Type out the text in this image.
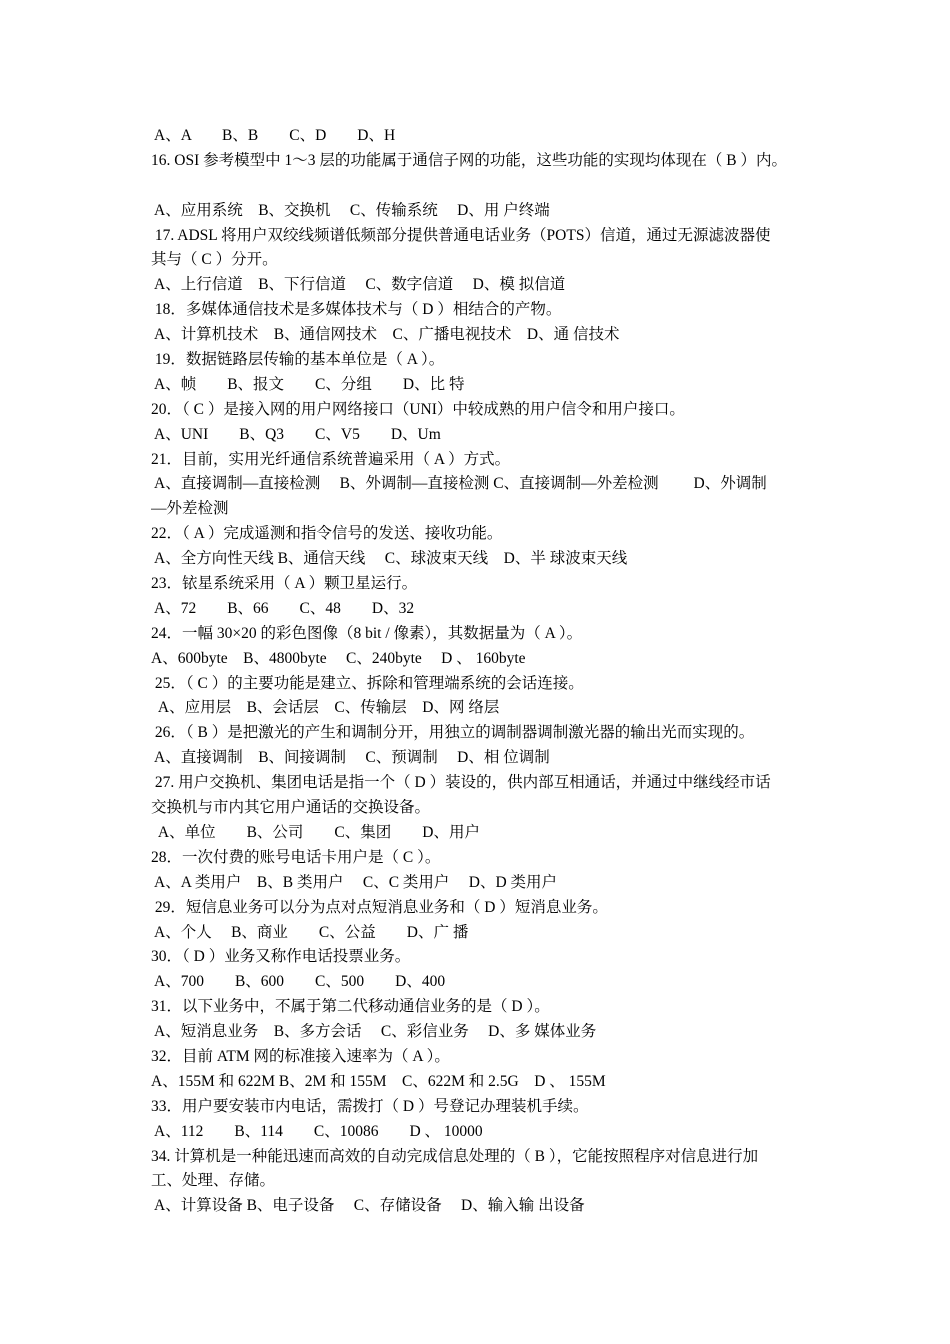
A、A　　B、B　　C、D　　D、H
16. OSI 参考模型中 1～3 层的功能属于通信子网的功能，这些功能的实现均体现在（ B ）内。
A、应用系统　B、交换机　 C、传输系统　 D、用 户终端
17. ADSL 将用户双绞线频谱低频部分提供普通电话业务（POTS）信道，通过无源滤波器使
其与（ C ）分开。
A、上行信道　B、下行信道　 C、数字信道　 D、模 拟信道
18．多媒体通信技术是多媒体技术与（ D ）相结合的产物。
A、计算机技术　B、通信网技术　C、广播电视技术　D、通 信技术
19．数据链路层传输的基本单位是（ A ）。
A、帧　　B、报文　　C、分组　　D、比 特
20．（ C ）是接入网的用户网络接口（UNI）中较成熟的用户信令和用户接口。
A、UNI　　B、Q3　　C、V5　　D、Um
21．目前，实用光纤通信系统普遍采用（ A ）方式。
A、直接调制—直接检测　 B、外调制—直接检测 C、直接调制—外差检测　　 D、外调制
—外差检测
22．（ A ）完成遥测和指令信号的发送、接收功能。
A、全方向性天线 B、通信天线　 C、球波束天线　D、半 球波束天线
23．铱星系统采用（ A ）颗卫星运行。
A、72　　B、66　　C、48　　D、32
24．一幅 30×20 的彩色图像（8 bit / 像素），其数据量为（ A ）。
A、600byte　B、4800byte　 C、240byte　 D 、 160byte
25．（ C ）的主要功能是建立、拆除和管理端系统的会话连接。
A、应用层　B、会话层　C、传输层　D、网 络层
26．（ B ）是把激光的产生和调制分开，用独立的调制器调制激光器的输出光而实现的。
A、直接调制　B、间接调制　 C、预调制　 D、相 位调制
27. 用户交换机、集团电话是指一个（ D ）装设的，供内部互相通话，并通过中继线经市话
交换机与市内其它用户通话的交换设备。
A、单位　　B、公司　　C、集团　　D、用户
28．一次付费的账号电话卡用户是（ C ）。
A、A 类用户　B、B 类用户　 C、C 类用户　 D、D 类用户
29．短信息业务可以分为点对点短消息业务和（ D ）短消息业务。
A、个人　 B、商业　　C、公益　　D、广 播
30．（ D ）业务又称作电话投票业务。
A、700　　B、600　　C、500　　D、400
31．以下业务中，不属于第二代移动通信业务的是（ D ）。
A、短消息业务　B、多方会话　 C、彩信业务　 D、多 媒体业务
32．目前 ATM 网的标准接入速率为（ A ）。
A、155M 和 622M B、2M 和 155M　C、622M 和 2.5G　D 、 155M
33．用户要安装市内电话，需拨打（ D ）号登记办理装机手续。
A、112　　B、114　　C、10086　　D 、 10000
34. 计算机是一种能迅速而高效的自动完成信息处理的（ B ），它能按照程序对信息进行加
工、处理、存储。
A、计算设备 B、电子设备　 C、存储设备　 D、输入输 出设备
